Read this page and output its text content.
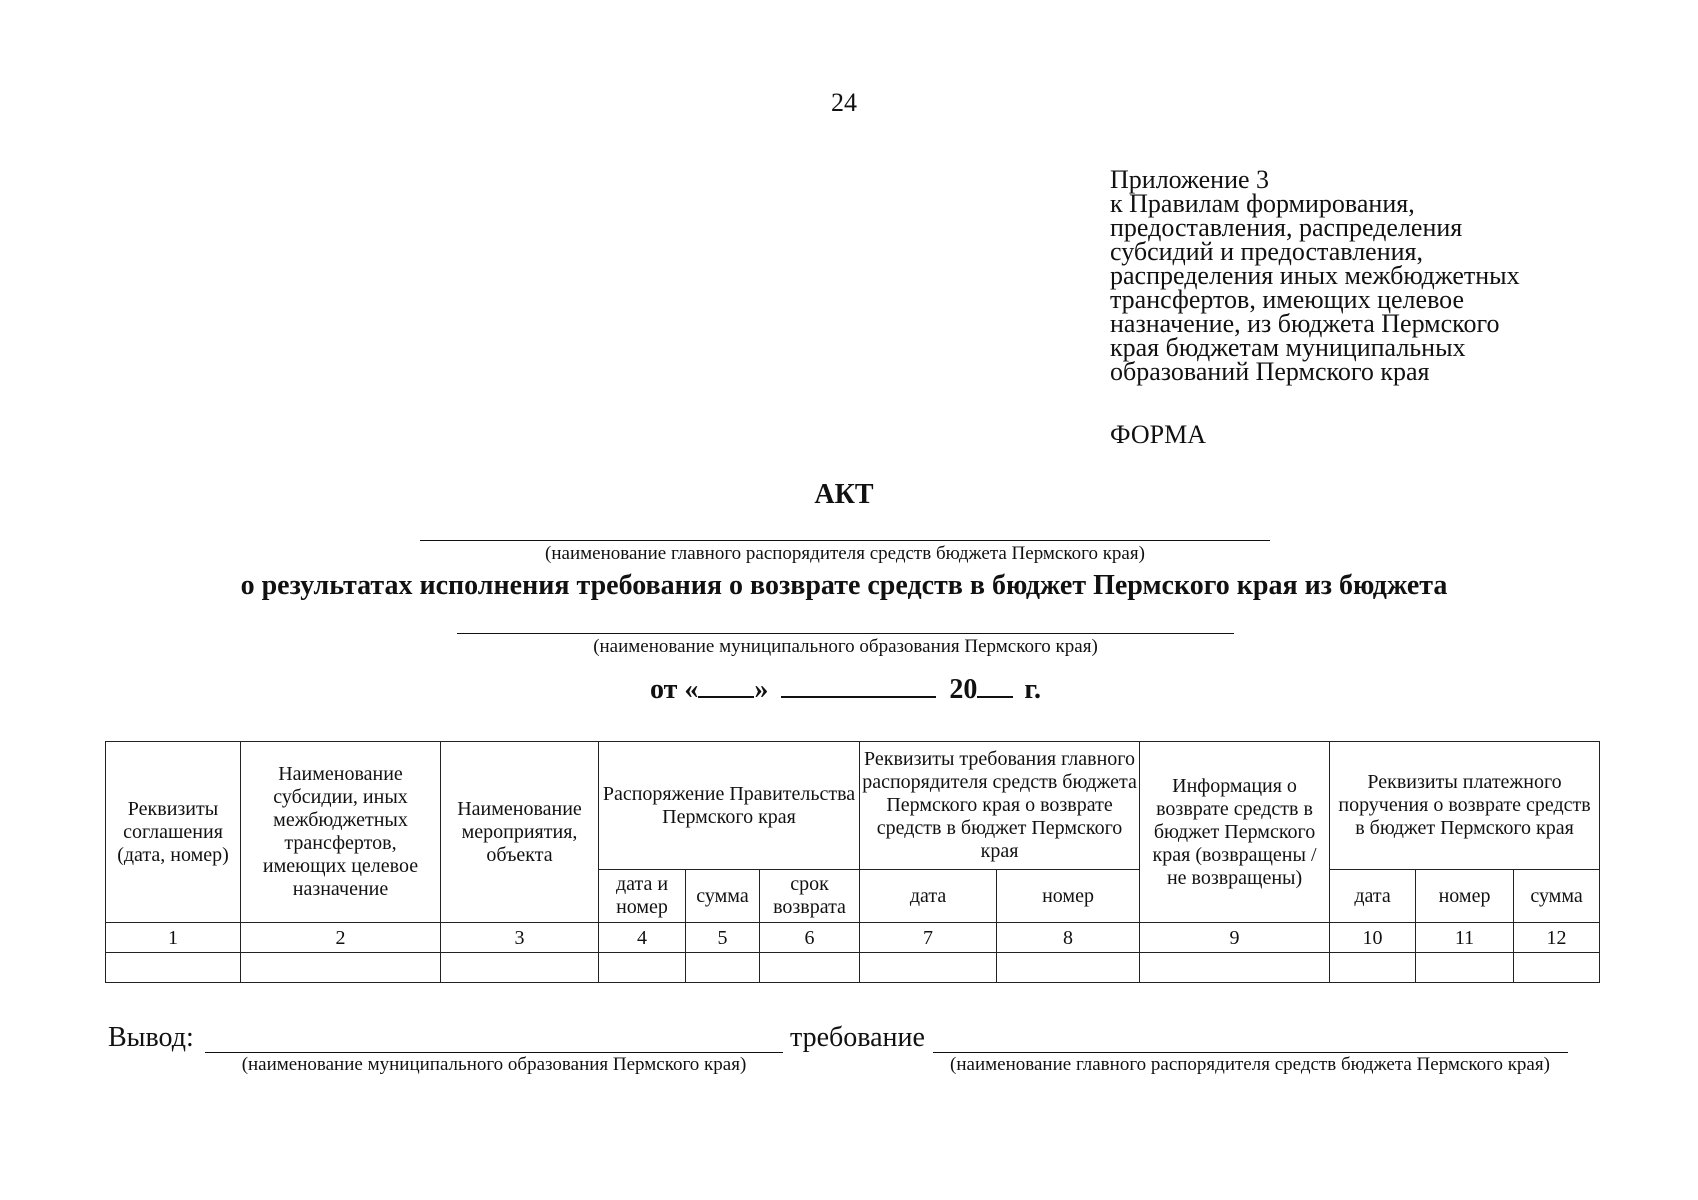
24
Приложение 3
к Правилам формирования,
предоставления, распределения
субсидий и предоставления,
распределения иных межбюджетных
трансфертов, имеющих целевое
назначение, из бюджета Пермского
края бюджетам муниципальных
образований Пермского края
ФОРМА
АКТ
(наименование главного распорядителя средств бюджета Пермского края)
о результатах исполнения требования о возврате средств в бюджет Пермского края из бюджета
(наименование муниципального образования Пермского края)
от « »	20 г.
Реквизиты соглашения (дата, номер)	Наименование субсидии, иных межбюджетных трансфертов, имеющих целевое назначение	Наименование мероприятия, объекта	Распоряжение Правительства Пермского края			Реквизиты требования главного распорядителя средств бюджета Пермского края о возврате средств в бюджет Пермского края		Информация о возврате средств в бюджет Пермского края (возвращены / не возвращены)	Реквизиты платежного поручения о возврате средств в бюджет Пермского края		
			дата и номер	сумма	срок возврата	дата	номер		дата	номер	сумма
1	2	3	4	5	6	7	8	9	10	11	12

Вывод:
(наименование муниципального образования Пермского края)
требование
(наименование главного распорядителя средств бюджета Пермского края)
